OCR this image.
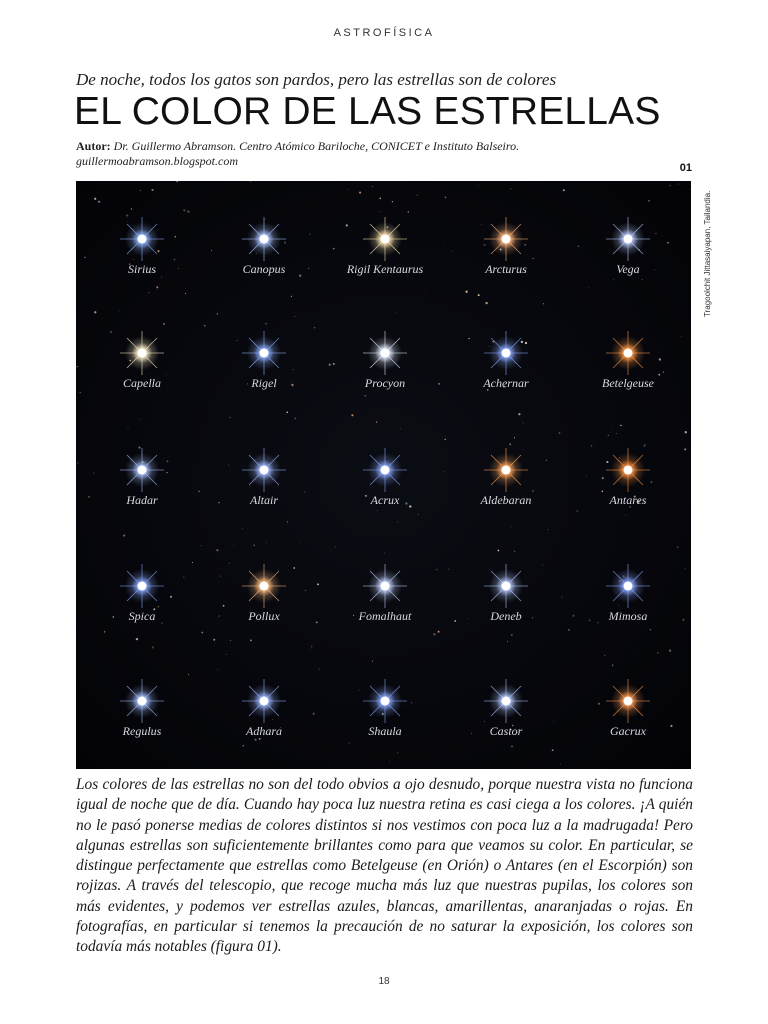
ASTROFÍSICA
De noche, todos los gatos son pardos, pero las estrellas son de colores
EL COLOR DE LAS ESTRELLAS
Autor: Dr. Guillermo Abramson. Centro Atómico Bariloche, CONICET e Instituto Balseiro.
guillermoabramson.blogspot.com	01
Sirius	Canopus	Rigil Kentaurus	Arcturus	Vega
Capella	Rigel	Procyon	Achernar	Betelgeuse
Hadar	Altair	Acrux	Aldebaran	Antares
Spica	Pollux	Fomalhaut	Deneb	Mimosa
Regulus	Adhara	Shaula	Castor	Gacrux
Tragoolchit Jittasaiyapan, Tailandia.
Los colores de las estrellas no son del todo obvios a ojo desnudo, porque nuestra vista no funciona igual de noche que de día. Cuando hay poca luz nuestra retina es casi ciega a los colores. ¡A quién no le pasó ponerse medias de colores distintos si nos vestimos con poca luz a la madrugada! Pero algunas estrellas son suficientemente brillantes como para que veamos su color. En particular, se distingue perfectamente que estrellas como Betelgeuse (en Orión) o Antares (en el Escorpión) son rojizas. A través del telescopio, que recoge mucha más luz que nuestras pupilas, los colores son más evidentes, y podemos ver estrellas azules, blancas, amarillentas, anaranjadas o rojas. En fotografías, en particular si tenemos la precaución de no saturar la exposición, los colores son todavía más notables (figura 01).
18
